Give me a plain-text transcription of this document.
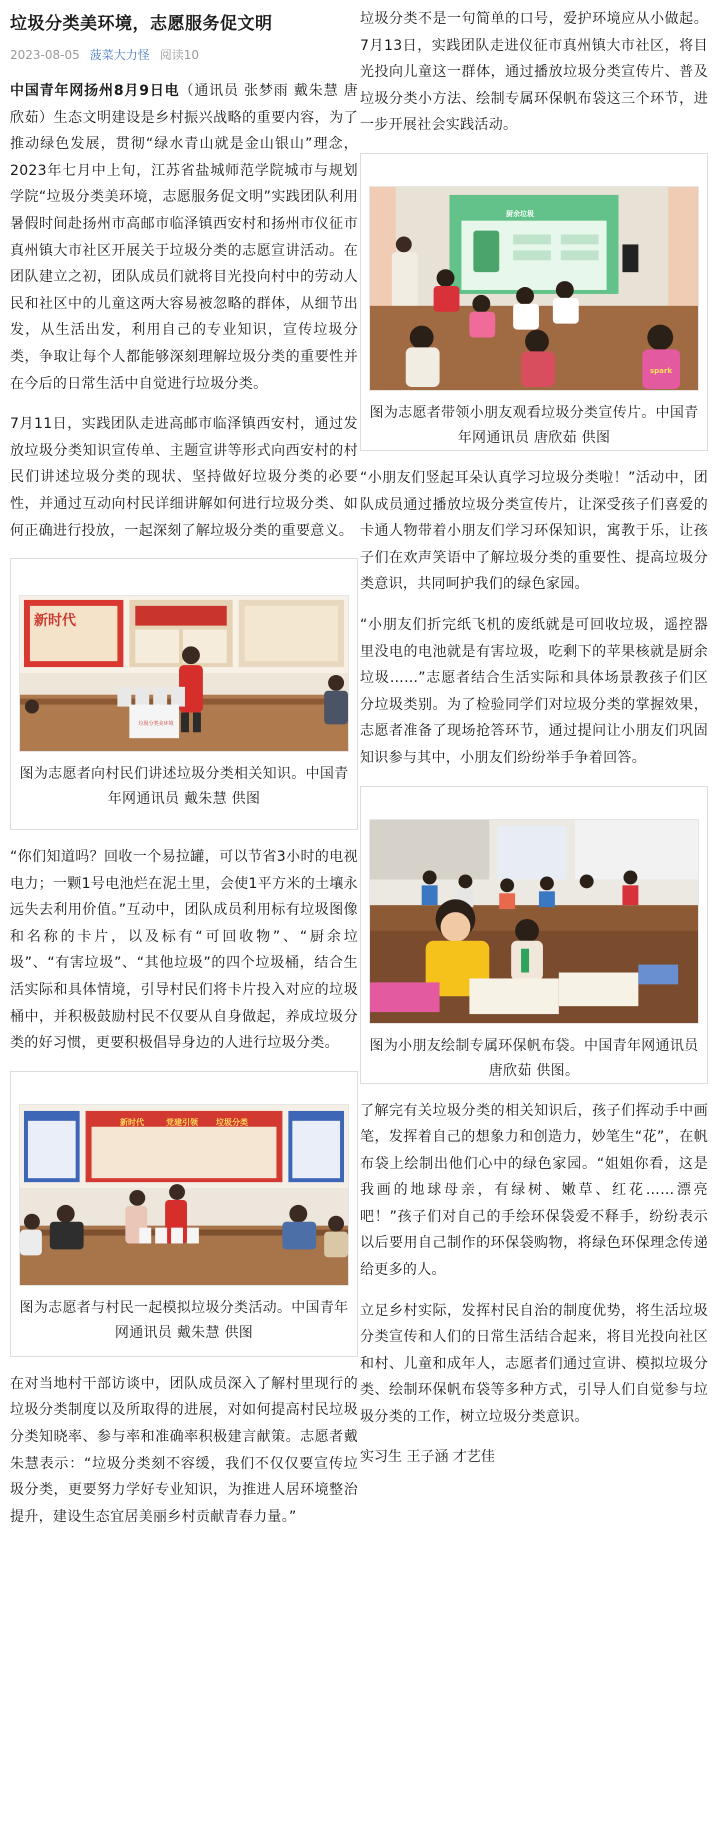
垃圾分类美环境，志愿服务促文明
2023-08-05 菠菜大力怪 阅读10

中国青年网扬州8月9日电（通讯员 张梦雨 戴朱慧 唐欣茹）生态文明建设是乡村振兴战略的重要内容，为了推动绿色发展，贯彻“绿水青山就是金山银山”理念，2023年七月中上旬，江苏省盐城师范学院城市与规划学院“垃圾分类美环境，志愿服务促文明”实践团队利用暑假时间赴扬州市高邮市临泽镇西安村和扬州市仪征市真州镇大市社区开展关于垃圾分类的志愿宣讲活动。在团队建立之初，团队成员们就将目光投向村中的劳动人民和社区中的儿童这两大容易被忽略的群体，从细节出发，从生活出发，利用自己的专业知识，宣传垃圾分类，争取让每个人都能够深刻理解垃圾分类的重要性并在今后的日常生活中自觉进行垃圾分类。

7月11日，实践团队走进高邮市临泽镇西安村，通过发放垃圾分类知识宣传单、主题宣讲等形式向西安村的村民们讲述垃圾分类的现状、坚持做好垃圾分类的必要性，并通过互动向村民详细讲解如何进行垃圾分类、如何正确进行投放，一起深刻了解垃圾分类的重要意义。

新时代
垃圾分类美环境

图为志愿者向村民们讲述垃圾分类相关知识。中国青年网通讯员 戴朱慧 供图

“你们知道吗？回收一个易拉罐，可以节省3小时的电视电力；一颗1号电池烂在泥土里，会使1平方米的土壤永远失去利用价值。”互动中，团队成员利用标有垃圾图像和名称的卡片，以及标有“可回收物”、“厨余垃圾”、“有害垃圾”、“其他垃圾”的四个垃圾桶，结合生活实际和具体情境，引导村民们将卡片投入对应的垃圾桶中，并积极鼓励村民不仅要从自身做起，养成垃圾分类的好习惯，更要积极倡导身边的人进行垃圾分类。

新时代	党建引领 垃圾分类

图为志愿者与村民一起模拟垃圾分类活动。中国青年网通讯员 戴朱慧 供图

在对当地村干部访谈中，团队成员深入了解村里现行的垃圾分类制度以及所取得的进展，对如何提高村民垃圾分类知晓率、参与率和准确率积极建言献策。志愿者戴朱慧表示：“垃圾分类刻不容缓，我们不仅仅要宣传垃圾分类，更要努力学好专业知识，为推进人居环境整治提升，建设生态宜居美丽乡村贡献青春力量。”

垃圾分类不是一句简单的口号，爱护环境应从小做起。7月13日，实践团队走进仪征市真州镇大市社区，将目光投向儿童这一群体，通过播放垃圾分类宣传片、普及垃圾分类小方法、绘制专属环保帆布袋这三个环节，进一步开展社会实践活动。

厨余垃圾
spark

图为志愿者带领小朋友观看垃圾分类宣传片。中国青年网通讯员 唐欣茹 供图

“小朋友们竖起耳朵认真学习垃圾分类啦！”活动中，团队成员通过播放垃圾分类宣传片，让深受孩子们喜爱的卡通人物带着小朋友们学习环保知识，寓教于乐，让孩子们在欢声笑语中了解垃圾分类的重要性、提高垃圾分类意识，共同呵护我们的绿色家园。

“小朋友们折完纸飞机的废纸就是可回收垃圾，遥控器里没电的电池就是有害垃圾，吃剩下的苹果核就是厨余垃圾……”志愿者结合生活实际和具体场景教孩子们区分垃圾类别。为了检验同学们对垃圾分类的掌握效果，志愿者准备了现场抢答环节，通过提问让小朋友们巩固知识参与其中，小朋友们纷纷举手争着回答。

图为小朋友绘制专属环保帆布袋。中国青年网通讯员 唐欣茹 供图。

了解完有关垃圾分类的相关知识后，孩子们挥动手中画笔，发挥着自己的想象力和创造力，妙笔生“花”，在帆布袋上绘制出他们心中的绿色家园。“姐姐你看，这是我画的地球母亲，有绿树、嫩草、红花……漂亮吧！”孩子们对自己的手绘环保袋爱不释手，纷纷表示以后要用自己制作的环保袋购物，将绿色环保理念传递给更多的人。

立足乡村实际，发挥村民自治的制度优势，将生活垃圾分类宣传和人们的日常生活结合起来，将目光投向社区和村、儿童和成年人，志愿者们通过宣讲、模拟垃圾分类、绘制环保帆布袋等多种方式，引导人们自觉参与垃圾分类的工作，树立垃圾分类意识。

实习生 王子涵 才艺佳
